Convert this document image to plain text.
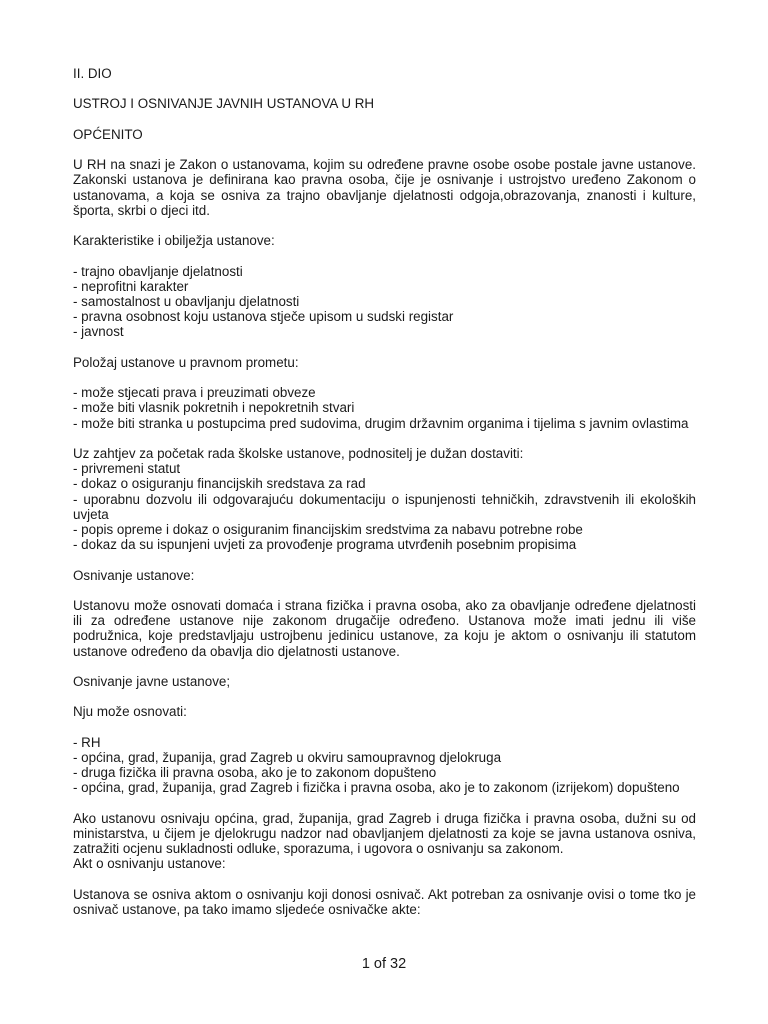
II. DIO
USTROJ I OSNIVANJE JAVNIH USTANOVA U RH
OPĆENITO
U RH na snazi je Zakon o ustanovama, kojim su određene pravne osobe osobe postale javne ustanove. Zakonski ustanova je definirana kao pravna osoba, čije je osnivanje i ustrojstvo uređeno Zakonom o ustanovama, a koja se osniva za trajno obavljanje djelatnosti odgoja,obrazovanja, znanosti i kulture, športa, skrbi o djeci itd.
Karakteristike i obilježja ustanove:
- trajno obavljanje djelatnosti
- neprofitni karakter
- samostalnost u obavljanju djelatnosti
- pravna osobnost koju ustanova stječe upisom u sudski registar
- javnost
Položaj ustanove u pravnom prometu:
- može stjecati prava i preuzimati obveze
- može biti vlasnik pokretnih i nepokretnih stvari
- može biti stranka u postupcima pred sudovima, drugim državnim organima i tijelima s javnim ovlastima
Uz zahtjev za početak rada školske ustanove, podnositelj je dužan dostaviti:
- privremeni statut
- dokaz o osiguranju financijskih sredstava za rad
- uporabnu dozvolu ili odgovarajuću dokumentaciju o ispunjenosti tehničkih, zdravstvenih ili ekoloških uvjeta
- popis opreme i dokaz o osiguranim financijskim sredstvima za nabavu potrebne robe
- dokaz da su ispunjeni uvjeti za provođenje programa utvrđenih posebnim propisima
Osnivanje ustanove:
Ustanovu može osnovati domaća i strana fizička i pravna osoba, ako za obavljanje određene djelatnosti ili za određene ustanove nije zakonom drugačije određeno. Ustanova može imati jednu ili više podružnica, koje predstavljaju ustrojbenu jedinicu ustanove, za koju je aktom o osnivanju ili statutom ustanove određeno da obavlja dio djelatnosti ustanove.
Osnivanje javne ustanove;
Nju može osnovati:
- RH
- općina, grad, županija, grad Zagreb u okviru samoupravnog djelokruga
- druga fizička ili pravna osoba, ako je to zakonom dopušteno
- općina, grad, županija, grad Zagreb i fizička i pravna osoba, ako je to zakonom (izrijekom) dopušteno
Ako ustanovu osnivaju općina, grad, županija, grad Zagreb i druga fizička i pravna osoba, dužni su od ministarstva, u čijem je djelokrugu nadzor nad obavljanjem djelatnosti za koje se javna ustanova osniva, zatražiti ocjenu sukladnosti odluke, sporazuma, i ugovora o osnivanju sa zakonom.
Akt o osnivanju ustanove:
Ustanova se osniva aktom o osnivanju koji donosi osnivač. Akt potreban za osnivanje ovisi o tome tko je osnivač ustanove, pa tako imamo sljedeće osnivačke akte:
1 of 32
